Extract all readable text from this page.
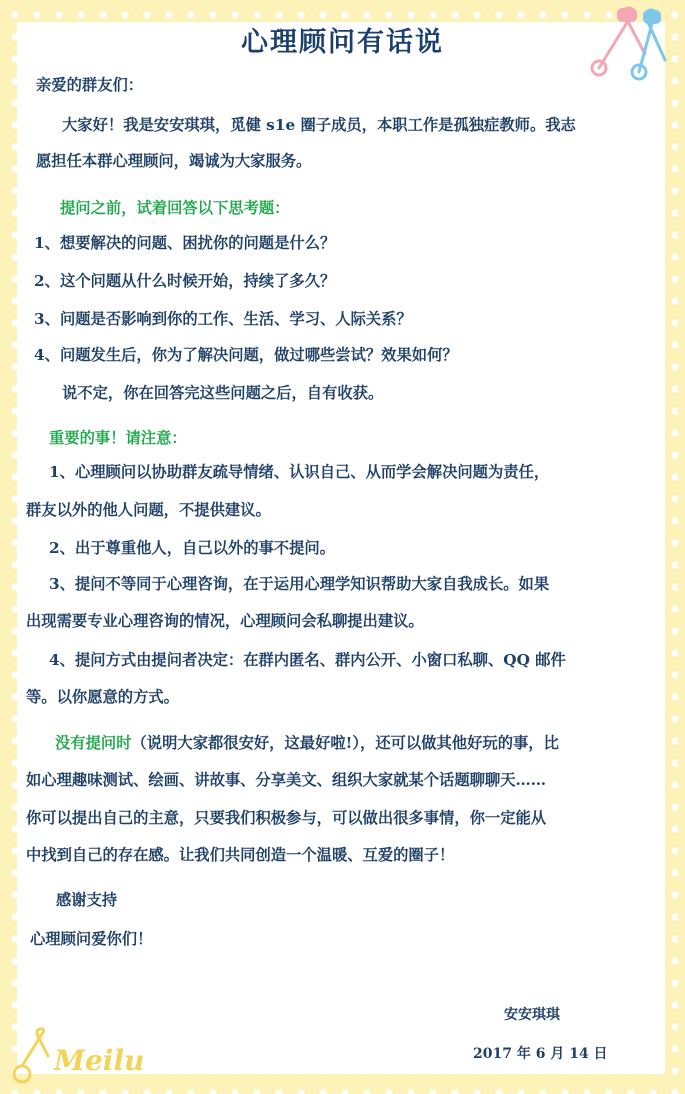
心理顾问有话说
亲爱的群友们：
大家好！我是安安琪琪，觅健 s1e 圈子成员，本职工作是孤独症教师。我志
愿担任本群心理顾问，竭诚为大家服务。
提问之前，试着回答以下思考题：
1、想要解决的问题、困扰你的问题是什么？
2、这个问题从什么时候开始，持续了多久？
3、问题是否影响到你的工作、生活、学习、人际关系？
4、问题发生后，你为了解决问题，做过哪些尝试？效果如何？
说不定，你在回答完这些问题之后，自有收获。
重要的事！请注意：
1、心理顾问以协助群友疏导情绪、认识自己、从而学会解决问题为责任，
群友以外的他人问题，不提供建议。
2、出于尊重他人，自己以外的事不提问。
3、提问不等同于心理咨询，在于运用心理学知识帮助大家自我成长。如果
出现需要专业心理咨询的情况，心理顾问会私聊提出建议。
4、提问方式由提问者决定：在群内匿名、群内公开、小窗口私聊、QQ 邮件
等。以你愿意的方式。
没有提问时（说明大家都很安好，这最好啦!），还可以做其他好玩的事，比
如心理趣味测试、绘画、讲故事、分享美文、组织大家就某个话题聊聊天……
你可以提出自己的主意，只要我们积极参与，可以做出很多事情，你一定能从
中找到自己的存在感。让我们共同创造一个温暖、互爱的圈子！
感谢支持
心理顾问爱你们！
安安琪琪
2017 年 6 月 14 日
Meilu
